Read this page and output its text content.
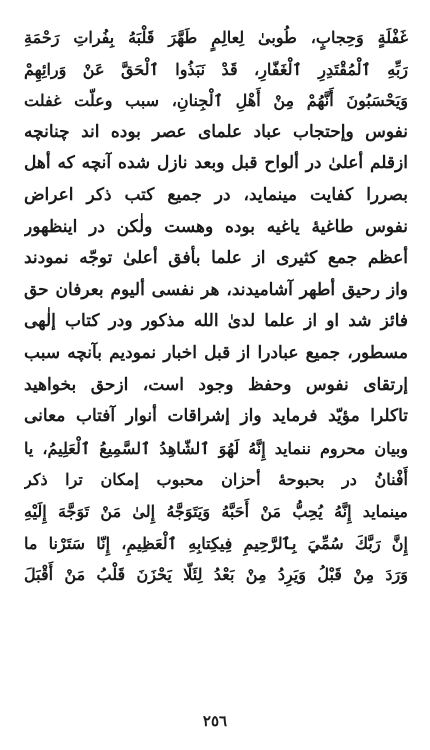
غَفْلَةٍ وَحِجابٍ، طُوبىٰ لِعالِمٍ طَهَّرَ قَلْبَهُ بِفُراتِ رَحْمَةِ
رَبِّهِ ٱلْمُقْتَدِرِ ٱلْغَفّارِ، قَدْ نَبَذُوا ٱلْحَقَّ عَنْ وَرائِهِمْ
وَيَحْسَبُونَ أَنَّهُمْ مِنْ أَهْلِ ٱلْجِنانِ، سبب وعلّت غفلت
نفوس وإحتجاب عباد علماى عصر بوده اند چنانچه
ازقلم أعلىٰ در ألواح قبل وبعد نازل شده آنچه كه أهل
بصررا كفايت مينمايد، در جميع كتب ذكر اعراض
نفوس طاغيۀ ياغيه بوده وهست ولٰكن در اينظهور
أعظم جمع كثيرى از علما بأفق أعلىٰ توجّه نمودند
واز رحيق أطهر آشاميدند، هر نفسى أليوم بعرفان حق
فائز شد او از علما لدىٰ الله مذكور ودر كتاب إلٰهى
مسطور، جميع عبادرا از قبل اخبار نموديم بآنچه سبب
إرتقاى نفوس وحفظ وجود است، ازحق بخواهيد
تاكلرا مؤيّد فرمايد واز إشراقات أنوار آفتاب معانى
وبيان محروم ننمايد إِنَّهُ لَهُوَ ٱلشّاهِدُ ٱلسَّمِيعُ ٱلْعَلِيمُ، يا
أَفْنانُ در بحبوحۀ أحزان محبوب إمكان ترا ذكر
مينمايد إِنَّهُ يُحِبُّ مَنْ أَحَبَّهُ وَيَتَوَجَّهُ إِلىٰ مَنْ تَوَجَّهَ إِلَيْهِ
إِنَّ رَبَّكَ سُمِّيَ بِٱلرَّحِيمِ فِيكِتابِهِ ٱلْعَظِيمِ، إِنّا سَتَرْنا ما
وَرَدَ مِنْ قَبْلُ وَيَرِدُ مِنْ بَعْدُ لِئَلّا يَحْزَنَ قَلْبُ مَنْ أَقْبَلَ
٢٥٦
